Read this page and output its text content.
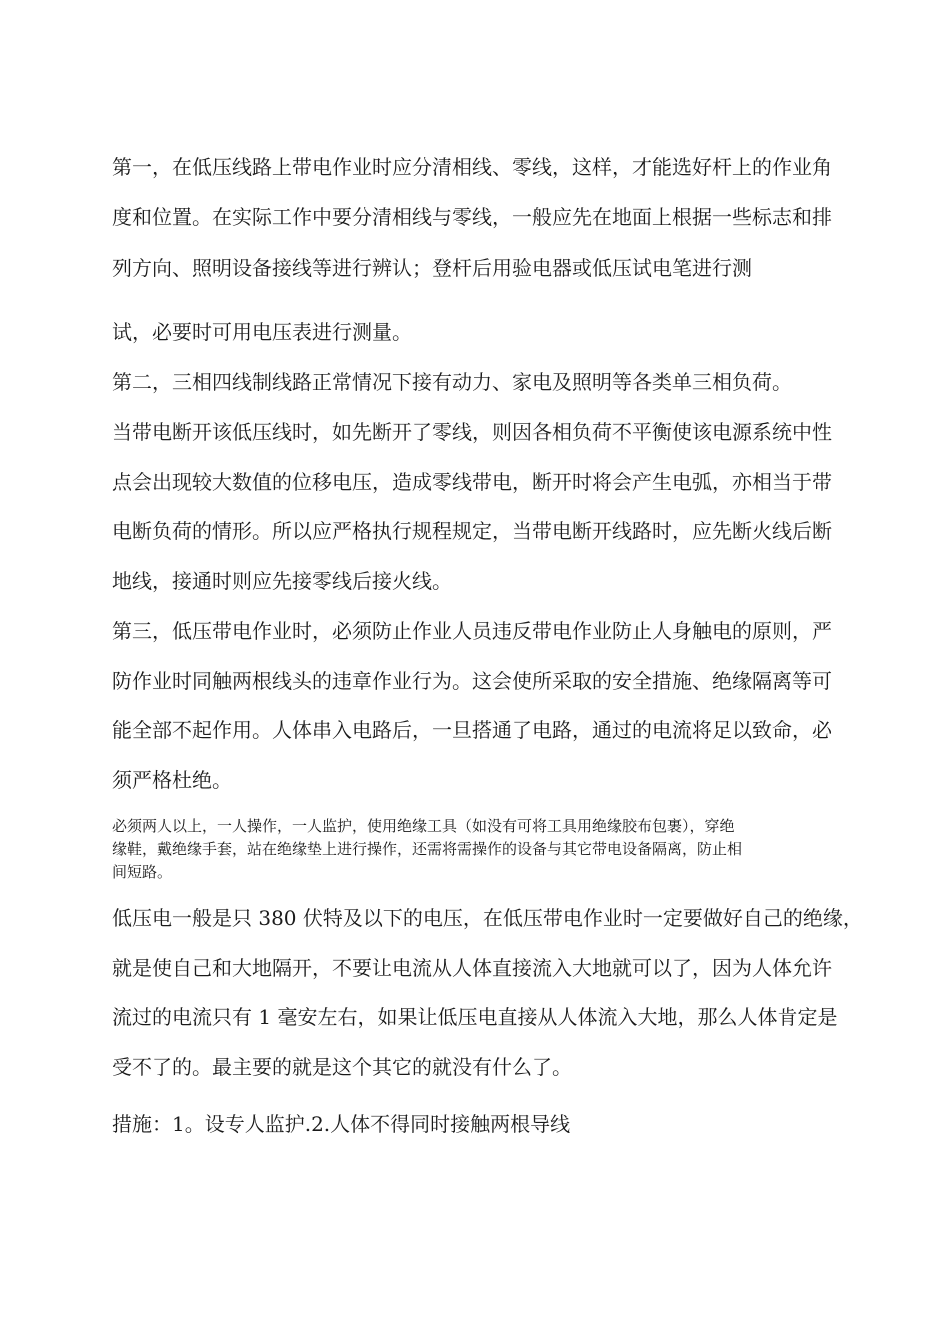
第一，在低压线路上带电作业时应分清相线、零线，这样，才能选好杆上的作业角
度和位置。在实际工作中要分清相线与零线，一般应先在地面上根据一些标志和排
列方向、照明设备接线等进行辨认；登杆后用验电器或低压试电笔进行测
试，必要时可用电压表进行测量。
第二，三相四线制线路正常情况下接有动力、家电及照明等各类单三相负荷。
当带电断开该低压线时，如先断开了零线，则因各相负荷不平衡使该电源系统中性
点会出现较大数值的位移电压，造成零线带电，断开时将会产生电弧，亦相当于带
电断负荷的情形。所以应严格执行规程规定，当带电断开线路时，应先断火线后断
地线，接通时则应先接零线后接火线。
第三，低压带电作业时，必须防止作业人员违反带电作业防止人身触电的原则，严
防作业时同触两根线头的违章作业行为。这会使所采取的安全措施、绝缘隔离等可
能全部不起作用。人体串入电路后，一旦搭通了电路，通过的电流将足以致命，必
须严格杜绝。
必须两人以上，一人操作，一人监护，使用绝缘工具（如没有可将工具用绝缘胶布包裹），穿绝
缘鞋，戴绝缘手套，站在绝缘垫上进行操作，还需将需操作的设备与其它带电设备隔离，防止相
间短路。
低压电一般是只 380 伏特及以下的电压，在低压带电作业时一定要做好自己的绝缘，
就是使自己和大地隔开，不要让电流从人体直接流入大地就可以了，因为人体允许
流过的电流只有 1 毫安左右，如果让低压电直接从人体流入大地，那么人体肯定是
受不了的。最主要的就是这个其它的就没有什么了。
措施：1。设专人监护.2.人体不得同时接触两根导线
